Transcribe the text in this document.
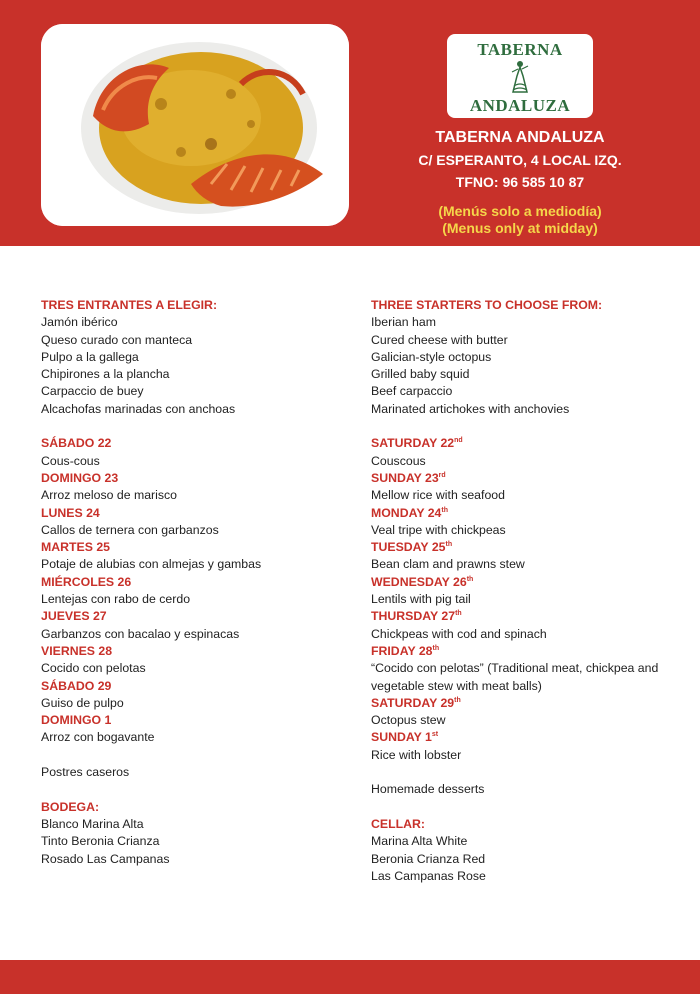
TABERNA
ANDALUZA
TABERNA ANDALUZA
C/ ESPERANTO, 4 LOCAL IZQ.
TFNO: 96 585 10 87
(Menús solo a mediodía)
(Menus only at midday)
TRES ENTRANTES A ELEGIR:
Jamón ibérico
Queso curado con manteca
Pulpo a la gallega
Chipirones a la plancha
Carpaccio de buey
Alcachofas marinadas con anchoas
SÁBADO 22
Cous-cous
DOMINGO 23
Arroz meloso de marisco
LUNES 24
Callos de ternera con garbanzos
MARTES 25
Potaje de alubias con almejas y gambas
MIÉRCOLES 26
Lentejas con rabo de cerdo
JUEVES 27
Garbanzos con bacalao y espinacas
VIERNES 28
Cocido con pelotas
SÁBADO 29
Guiso de pulpo
DOMINGO 1
Arroz con bogavante
Postres caseros
BODEGA:
Blanco Marina Alta
Tinto Beronia Crianza
Rosado Las Campanas
THREE STARTERS TO CHOOSE FROM:
Iberian ham
Cured cheese with butter
Galician-style octopus
Grilled baby squid
Beef carpaccio
Marinated artichokes with anchovies
SATURDAY 22nd
Couscous
SUNDAY 23rd
Mellow rice with seafood
MONDAY 24th
Veal tripe with chickpeas
TUESDAY 25th
Bean clam and prawns stew
WEDNESDAY 26th
Lentils with pig tail
THURSDAY 27th
Chickpeas with cod and spinach
FRIDAY 28th
“Cocido con pelotas” (Traditional meat, chickpea and vegetable stew with meat balls)
SATURDAY 29th
Octopus stew
SUNDAY 1st
Rice with lobster
Homemade desserts
CELLAR:
Marina Alta White
Beronia Crianza Red
Las Campanas Rose
